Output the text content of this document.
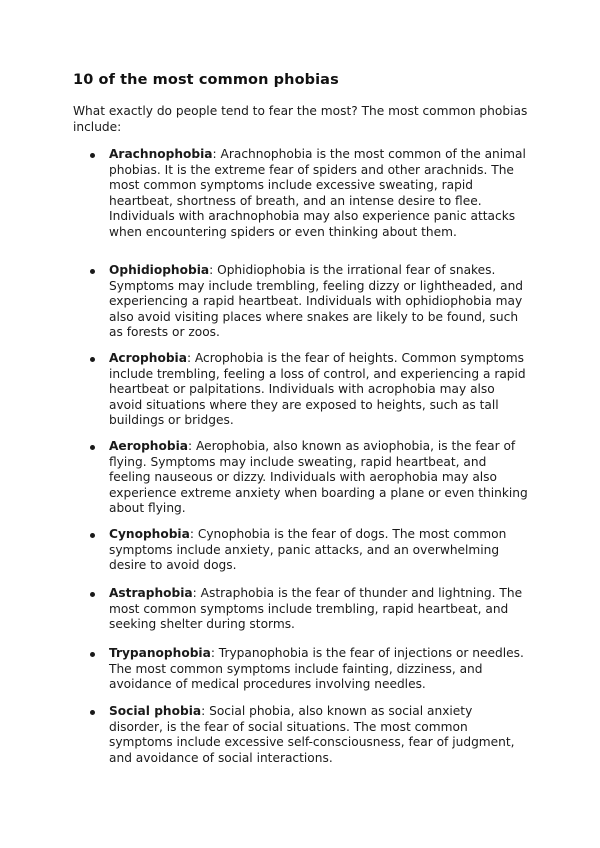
10 of the most common phobias

What exactly do people tend to fear the most? The most common phobias include:

Arachnophobia: Arachnophobia is the most common of the animal phobias. It is the extreme fear of spiders and other arachnids. The most common symptoms include excessive sweating, rapid heartbeat, shortness of breath, and an intense desire to flee. Individuals with arachnophobia may also experience panic attacks when encountering spiders or even thinking about them.
Ophidiophobia: Ophidiophobia is the irrational fear of snakes. Symptoms may include trembling, feeling dizzy or lightheaded, and experiencing a rapid heartbeat. Individuals with ophidiophobia may also avoid visiting places where snakes are likely to be found, such as forests or zoos.
Acrophobia: Acrophobia is the fear of heights. Common symptoms include trembling, feeling a loss of control, and experiencing a rapid heartbeat or palpitations. Individuals with acrophobia may also avoid situations where they are exposed to heights, such as tall buildings or bridges.
Aerophobia: Aerophobia, also known as aviophobia, is the fear of flying. Symptoms may include sweating, rapid heartbeat, and feeling nauseous or dizzy. Individuals with aerophobia may also experience extreme anxiety when boarding a plane or even thinking about flying.
Cynophobia: Cynophobia is the fear of dogs. The most common symptoms include anxiety, panic attacks, and an overwhelming desire to avoid dogs.
Astraphobia: Astraphobia is the fear of thunder and lightning. The most common symptoms include trembling, rapid heartbeat, and seeking shelter during storms.
Trypanophobia: Trypanophobia is the fear of injections or needles. The most common symptoms include fainting, dizziness, and avoidance of medical procedures involving needles.
Social phobia: Social phobia, also known as social anxiety disorder, is the fear of social situations. The most common symptoms include excessive self-consciousness, fear of judgment, and avoidance of social interactions.
